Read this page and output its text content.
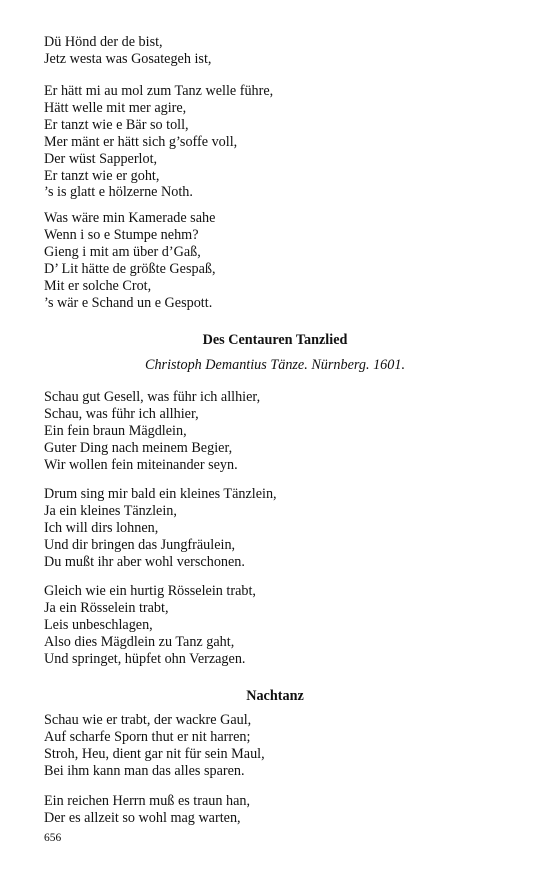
Dü Hönd der de bist,
Jetz westa was Gosategeh ist,
Er hätt mi au mol zum Tanz welle führe,
Hätt welle mit mer agire,
Er tanzt wie e Bär so toll,
Mer mänt er hätt sich g’soffe voll,
Der wüst Sapperlot,
Er tanzt wie er goht,
’s is glatt e hölzerne Noth.
Was wäre min Kamerade sahe
Wenn i so e Stumpe nehm?
Gieng i mit am über d’Gaß,
D’ Lit hätte de größte Gespaß,
Mit er solche Crot,
’s wär e Schand un e Gespott.
Des Centauren Tanzlied

Christoph Demantius Tänze. Nürnberg. 1601.

Schau gut Gesell, was führ ich allhier,
Schau, was führ ich allhier,
Ein fein braun Mägdlein,
Guter Ding nach meinem Begier,
Wir wollen fein miteinander seyn.
Drum sing mir bald ein kleines Tänzlein,
Ja ein kleines Tänzlein,
Ich will dirs lohnen,
Und dir bringen das Jungfräulein,
Du mußt ihr aber wohl verschonen.
Gleich wie ein hurtig Rösselein trabt,
Ja ein Rösselein trabt,
Leis unbeschlagen,
Also dies Mägdlein zu Tanz gaht,
Und springet, hüpfet ohn Verzagen.
Nachtanz
Schau wie er trabt, der wackre Gaul,
Auf scharfe Sporn thut er nit harren;
Stroh, Heu, dient gar nit für sein Maul,
Bei ihm kann man das alles sparen.
Ein reichen Herrn muß es traun han,
Der es allzeit so wohl mag warten,

656
